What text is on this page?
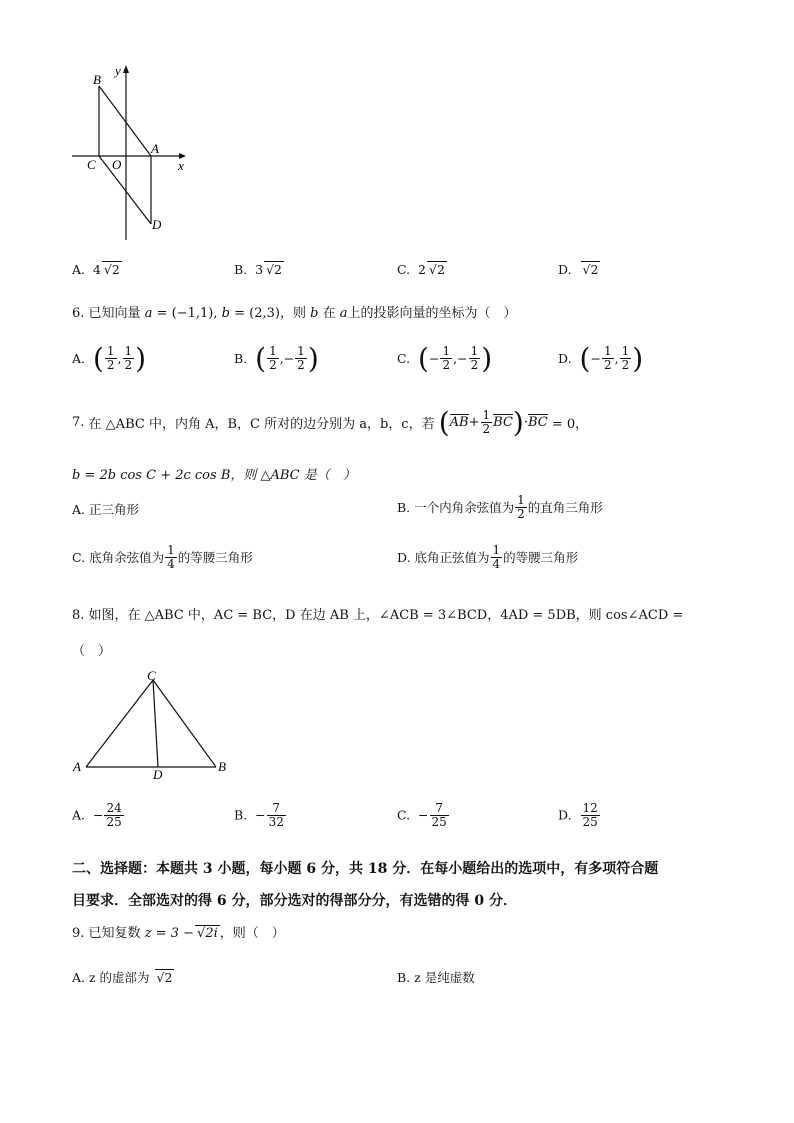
B
y
C O
A
x
D
A. 4 √2	B. 3 √2	C. 2 √2	D. √2
6. 已知向量 a = (−1,1), b = (2,3)，则 b 在 a上的投影向量的坐标为（　）
A. ( $\frac{1}{2}$ , $\frac{1}{2}$ )	B. ( $\frac{1}{2}$ ,− $\frac{1}{2}$ )	C. (− $\frac{1}{2}$ ,− $\frac{1}{2}$ )	D. (− $\frac{1}{2}$ , $\frac{1}{2}$ )
7. 在 △ABC 中，内角 A，B，C 所对的边分别为 a，b，c，若 $(AB+ \frac{1}{2} BC)\cdot BC = 0$，
b = 2b cos C + 2c cos B，则 △ABC 是（　）
A. 正三角形	B. 一个内角余弦值为 $\frac{1}{2}$ 的直角三角形
C. 底角余弦值为 $\frac{1}{4}$ 的等腰三角形	D. 底角正弦值为 $\frac{1}{4}$ 的等腰三角形
8. 如图，在 △ABC 中，AC = BC，D 在边 AB 上，∠ACB = 3∠BCD，4AD = 5DB，则 cos∠ACD =
（　）
C
A
D
B
A. − $\frac{24}{25}$	B. − $\frac{7}{32}$	C. − $\frac{7}{25}$	D. $\frac{12}{25}$
二、选择题：本题共 3 小题，每小题 6 分，共 18 分．在每小题给出的选项中，有多项符合题
目要求．全部选对的得 6 分，部分选对的得部分分，有选错的得 0 分．
9. 已知复数 z = 3 − √2i ，则（　）
A. z 的虚部为 √2	B. z 是纯虚数
